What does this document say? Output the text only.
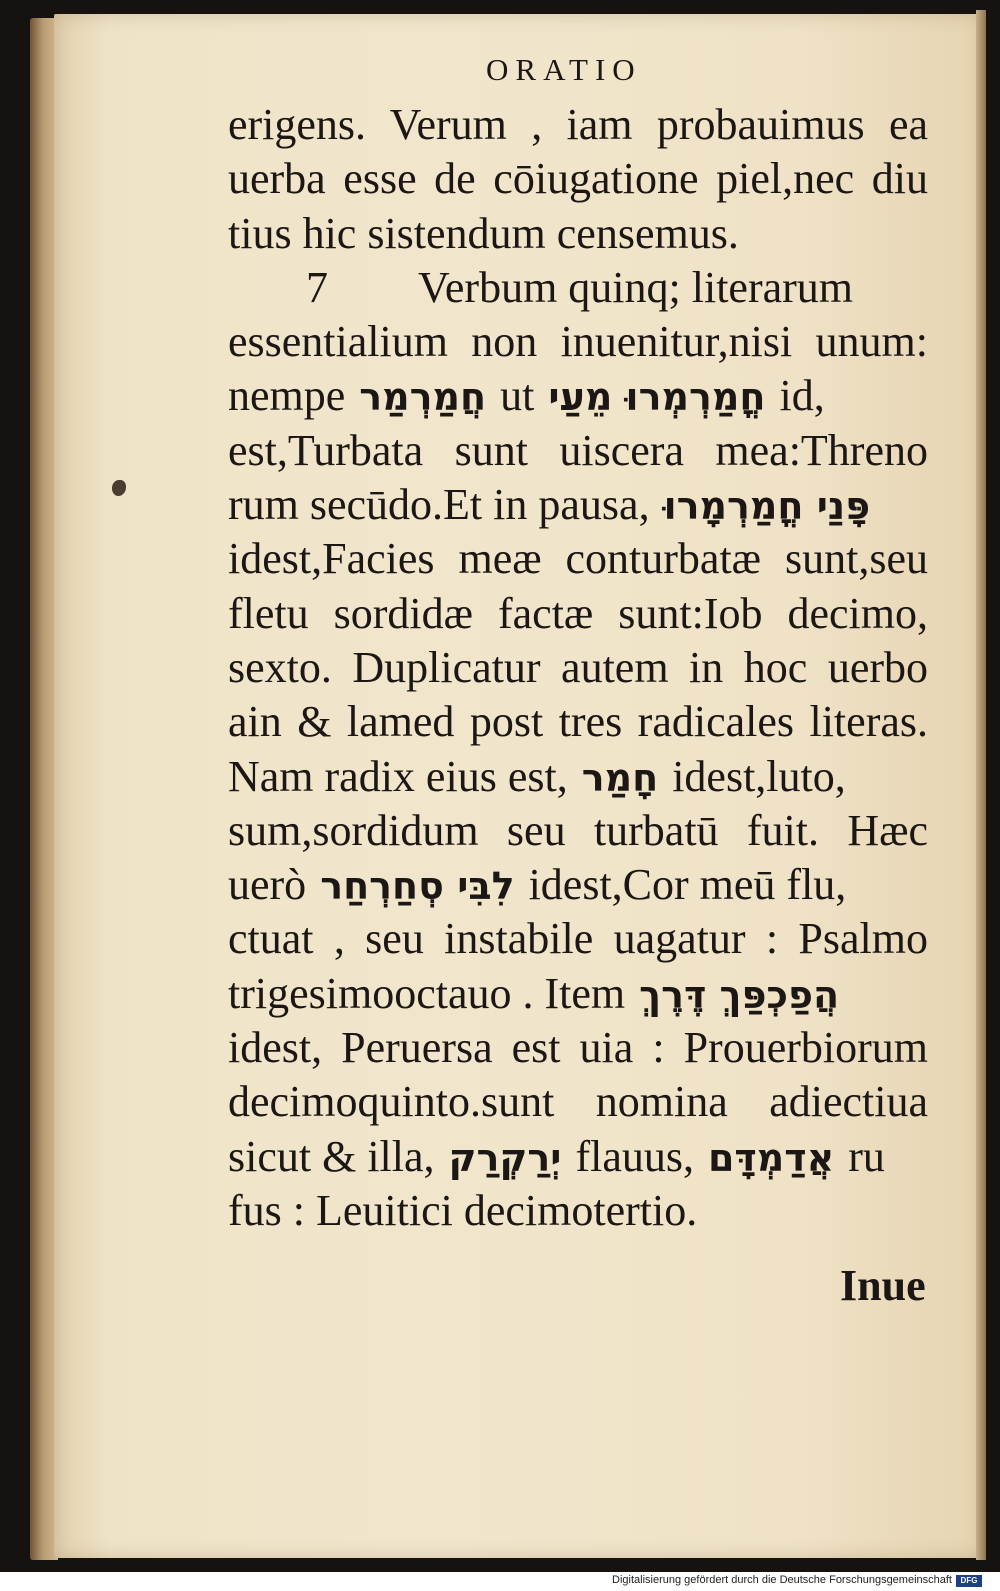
ORATIO
erigens. Verum , iam probauimus ea
uerba esse de cōiugatione piel,nec diu
tius hic sistendum censemus.
7 Verbum quinq; literarum
essentialium non inuenitur,nisi unum:
nempe חֲמַרְמַר ut חֳמַרְמְרוּ מֵעַי id,
est,Turbata sunt uiscera mea:Threno
rum secūdo.Et in pausa, פָּנַי חֳמַרְמָרוּ
idest,Facies meæ conturbatæ sunt,seu
fletu sordidæ factæ sunt:Iob decimo,
sexto. Duplicatur autem in hoc uerbo
ain & lamed post tres radicales literas.
Nam radix eius est, חָמַר idest,luto,
sum,sordidum seu turbatū fuit. Hæc
uerò לִבִּי סְחַרְחַר idest,Cor meū flu,
ctuat , seu instabile uagatur : Psalmo
trigesimooctauo . Item הֲפַכְפַּךְ דֶּרֶךְ
idest, Peruersa est uia : Prouerbiorum
decimoquinto.sunt nomina adiectiua
sicut & illa, יְרַקְרַק flauus, אֲדַמְדָּם ru
fus : Leuitici decimotertio.
Inue
Digitalisierung gefördert durch die Deutsche Forschungsgemeinschaft	DFG
